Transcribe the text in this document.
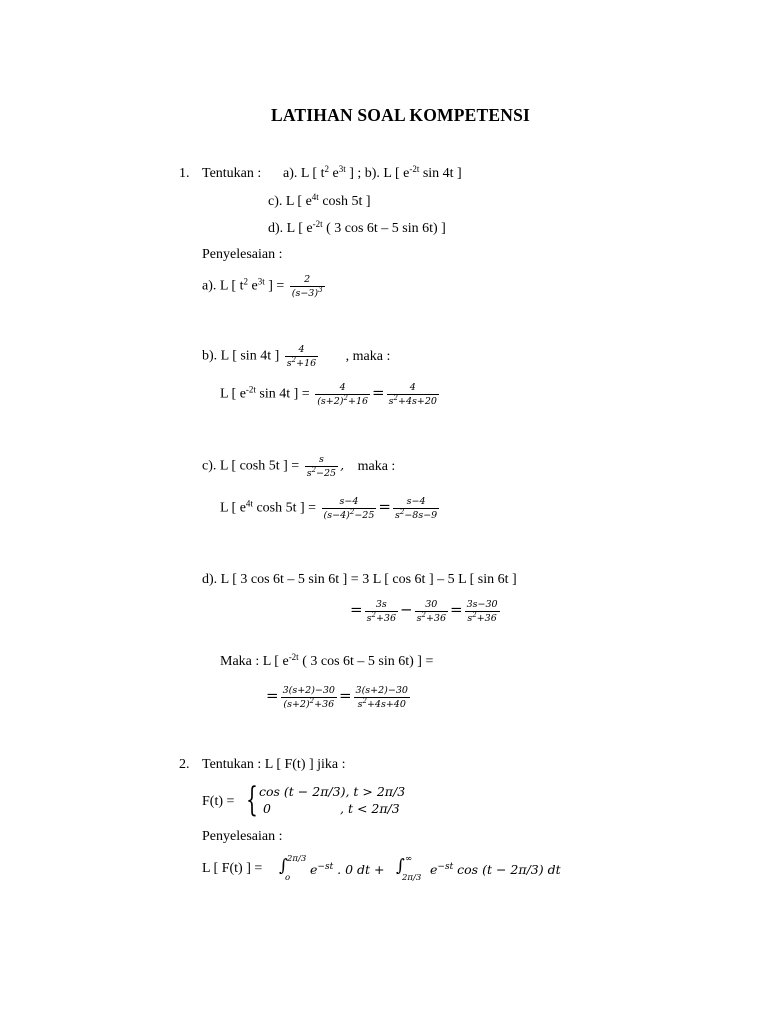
LATIHAN SOAL KOMPETENSI
1. Tentukan : a). L [ $t^2$ $e^{3t}$ ] ; b). L [ $e^{-2t}$ sin 4t ]
c). L [ $e^{4t}$ cosh 5t ]
d). L [ $e^{-2t}$ ( 3 cos 6t – 5 sin 6t) ]
Penyelesaian :
a). L [ $t^2$ $e^{3t}$ ] = $\frac{2}{(s-3)^3}$
b). L [ sin 4t ] $\frac{4}{s^2+16}$ , maka :
L [ $e^{-2t}$ sin 4t ] = $\frac{4}{(s+2)^2+16} = \frac{4}{s^2+4s+20}$
c). L [ cosh 5t ] = $\frac{s}{s^2-25}$ , maka :
L [ $e^{4t}$ cosh 5t ] = $\frac{s-4}{(s-4)^2-25} = \frac{s-4}{s^2-8s-9}$
d). L [ 3 cos 6t – 5 sin 6t ] = 3 L [ cos 6t ] – 5 L [ sin 6t ]
= $\frac{3s}{s^2+36} - \frac{30}{s^2+36} = \frac{3s-30}{s^2+36}$
Maka : L [ $e^{-2t}$ ( 3 cos 6t – 5 sin 6t) ] =
= $\frac{3(s+2)-30}{(s+2)^2+36} = \frac{3(s+2)-30}{s^2+4s+40}$
2. Tentukan : L [ F(t) ] jika :
F(t) = { cos (t − 2π/3), t > 2π/3
0	, t < 2π/3
Penyelesaian :
L [ F(t) ] = ∫ 2π/3
o
$e^{-st}$ . 0 dt + ∫ ∞
2π/3
$e^{-st}$ cos (t − 2π/3) dt
